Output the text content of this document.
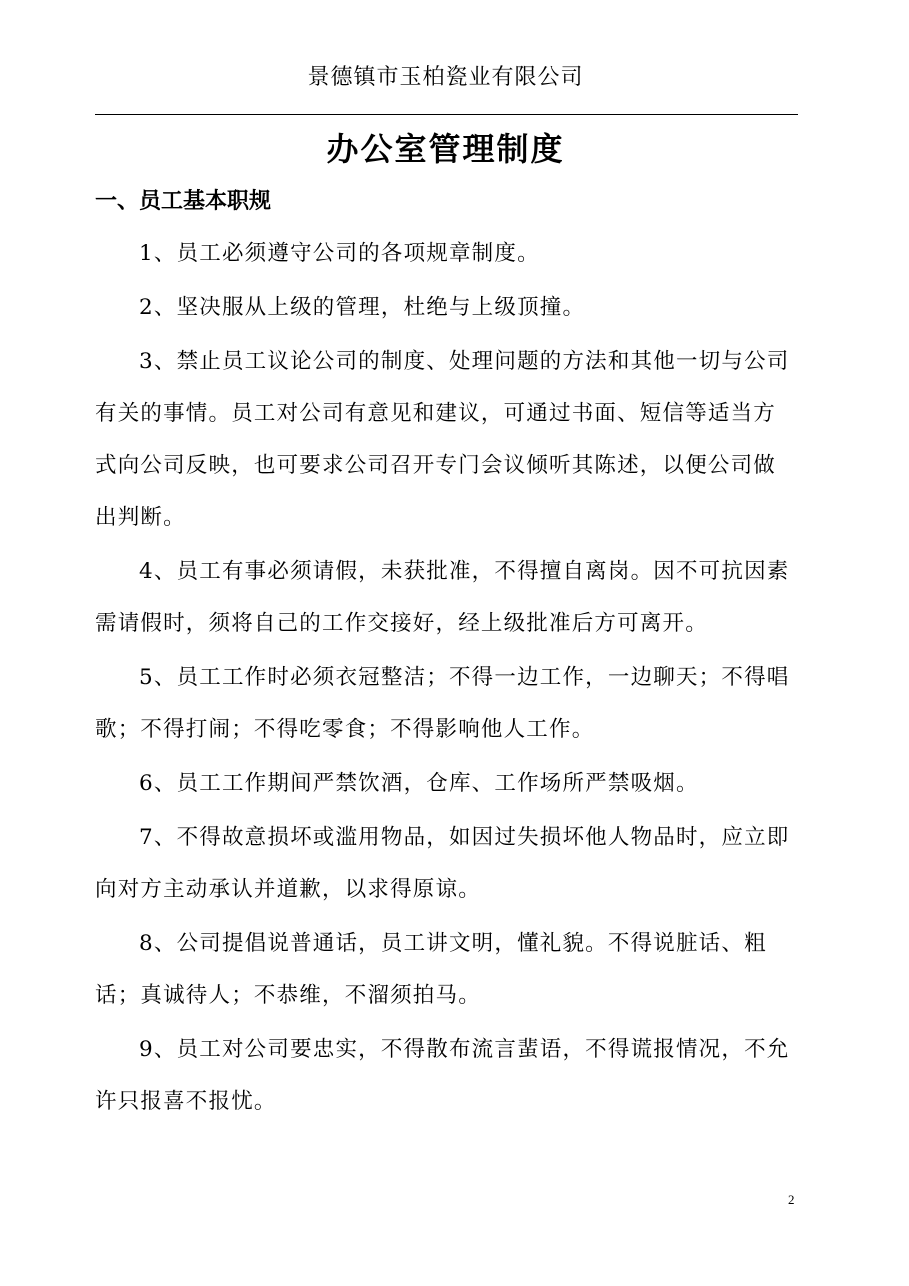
景德镇市玉柏瓷业有限公司
办公室管理制度
一、员工基本职规

1、员工必须遵守公司的各项规章制度。

2、坚决服从上级的管理，杜绝与上级顶撞。

3、禁止员工议论公司的制度、处理问题的方法和其他一切与公司有关的事情。员工对公司有意见和建议，可通过书面、短信等适当方式向公司反映，也可要求公司召开专门会议倾听其陈述，以便公司做出判断。

4、员工有事必须请假，未获批准，不得擅自离岗。因不可抗因素需请假时，须将自己的工作交接好，经上级批准后方可离开。

5、员工工作时必须衣冠整洁；不得一边工作，一边聊天；不得唱歌；不得打闹；不得吃零食；不得影响他人工作。

6、员工工作期间严禁饮酒，仓库、工作场所严禁吸烟。

7、不得故意损坏或滥用物品，如因过失损坏他人物品时，应立即向对方主动承认并道歉，以求得原谅。

8、公司提倡说普通话，员工讲文明，懂礼貌。不得说脏话、粗话；真诚待人；不恭维，不溜须拍马。

9、员工对公司要忠实，不得散布流言蜚语，不得谎报情况，不允许只报喜不报忧。

2
